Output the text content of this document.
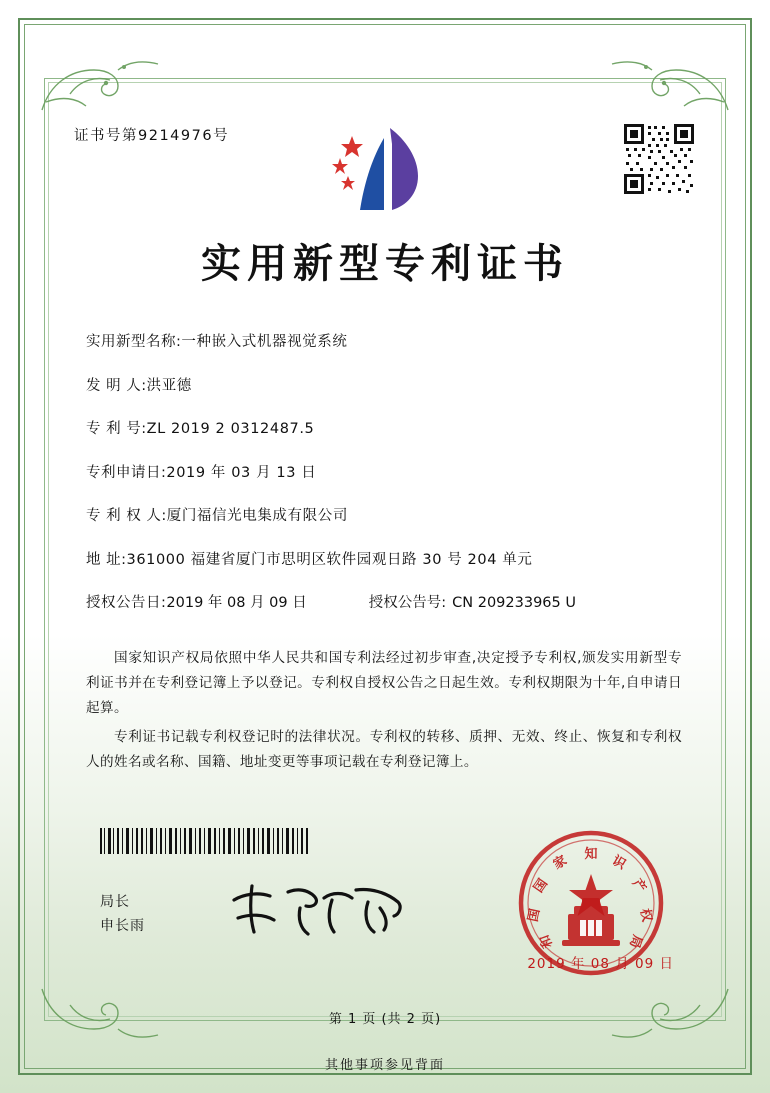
证书号第9214976号
实用新型专利证书
实用新型名称: 一种嵌入式机器视觉系统
发 明 人: 洪亚德
专 利 号: ZL 2019 2 0312487.5
专利申请日: 2019 年 03 月 13 日
专 利 权 人: 厦门福信光电集成有限公司
地 址: 361000 福建省厦门市思明区软件园观日路 30 号 204 单元
授权公告日: 2019 年 08 月 09 日	授权公告号: CN 209233965 U

国家知识产权局依照中华人民共和国专利法经过初步审查,决定授予专利权,颁发实用新型专利证书并在专利登记簿上予以登记。专利权自授权公告之日起生效。专利权期限为十年,自申请日起算。

专利证书记载专利权登记时的法律状况。专利权的转移、质押、无效、终止、恢复和专利权人的姓名或名称、国籍、地址变更等事项记载在专利登记簿上。

局长
申长雨
知 识
产
权
家
国
国
和	局
2019 年 08 月 09 日
第 1 页 (共 2 页)
其他事项参见背面
